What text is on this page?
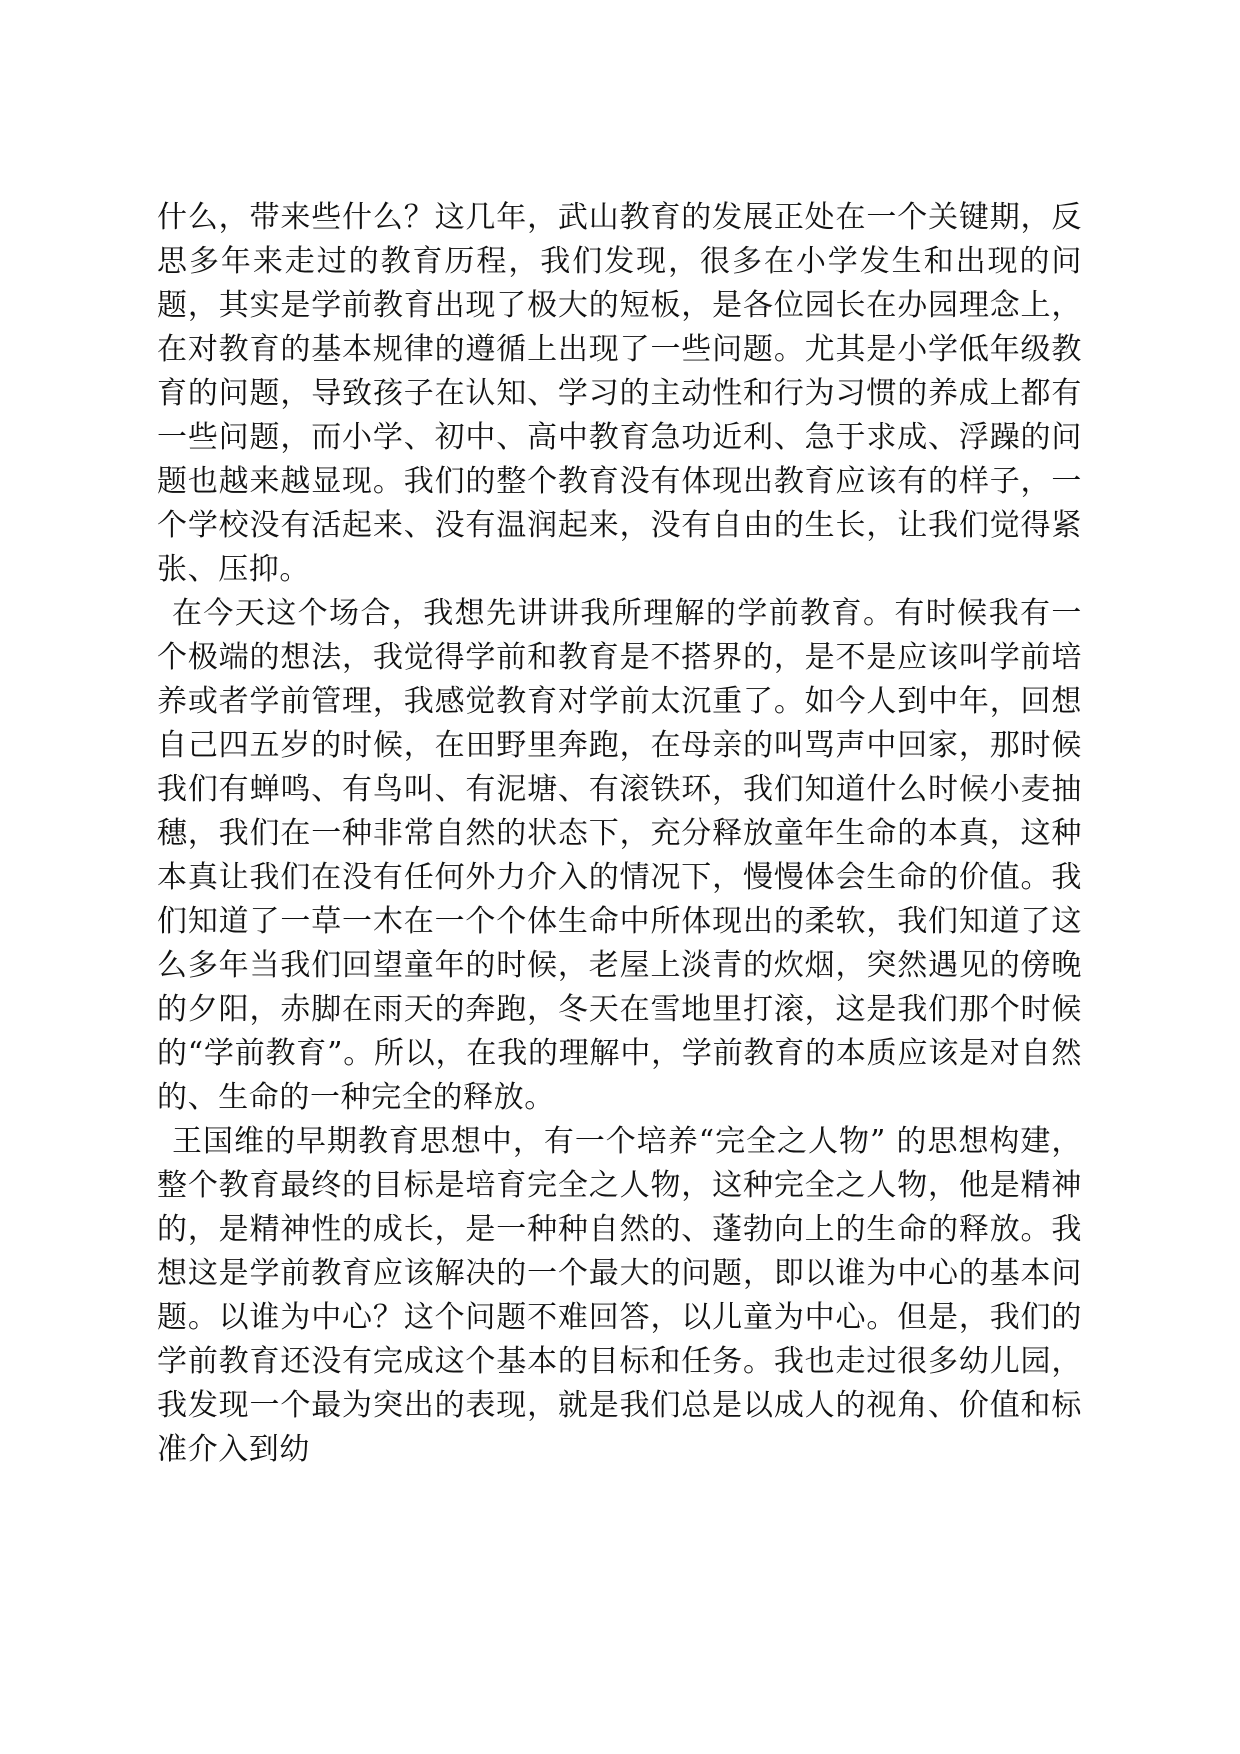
什么，带来些什么？这几年，武山教育的发展正处在一个关键期，反思多年来走过的教育历程，我们发现，很多在小学发生和出现的问题，其实是学前教育出现了极大的短板，是各位园长在办园理念上，在对教育的基本规律的遵循上出现了一些问题。尤其是小学低年级教育的问题，导致孩子在认知、学习的主动性和行为习惯的养成上都有一些问题，而小学、初中、高中教育急功近利、急于求成、浮躁的问题也越来越显现。我们的整个教育没有体现出教育应该有的样子，一个学校没有活起来、没有温润起来，没有自由的生长，让我们觉得紧张、压抑。

在今天这个场合，我想先讲讲我所理解的学前教育。有时候我有一个极端的想法，我觉得学前和教育是不搭界的，是不是应该叫学前培养或者学前管理，我感觉教育对学前太沉重了。如今人到中年，回想自己四五岁的时候，在田野里奔跑，在母亲的叫骂声中回家，那时候我们有蝉鸣、有鸟叫、有泥塘、有滚铁环，我们知道什么时候小麦抽穗，我们在一种非常自然的状态下，充分释放童年生命的本真，这种本真让我们在没有任何外力介入的情况下，慢慢体会生命的价值。我们知道了一草一木在一个个体生命中所体现出的柔软，我们知道了这么多年当我们回望童年的时候，老屋上淡青的炊烟，突然遇见的傍晚的夕阳，赤脚在雨天的奔跑，冬天在雪地里打滚，这是我们那个时候的“学前教育”。所以，在我的理解中，学前教育的本质应该是对自然的、生命的一种完全的释放。

王国维的早期教育思想中，有一个培养“完全之人物” 的思想构建，整个教育最终的目标是培育完全之人物，这种完全之人物，他是精神的，是精神性的成长，是一种种自然的、蓬勃向上的生命的释放。我想这是学前教育应该解决的一个最大的问题，即以谁为中心的基本问题。以谁为中心？这个问题不难回答，以儿童为中心。但是，我们的学前教育还没有完成这个基本的目标和任务。我也走过很多幼儿园，我发现一个最为突出的表现，就是我们总是以成人的视角、价值和标准介入到幼
